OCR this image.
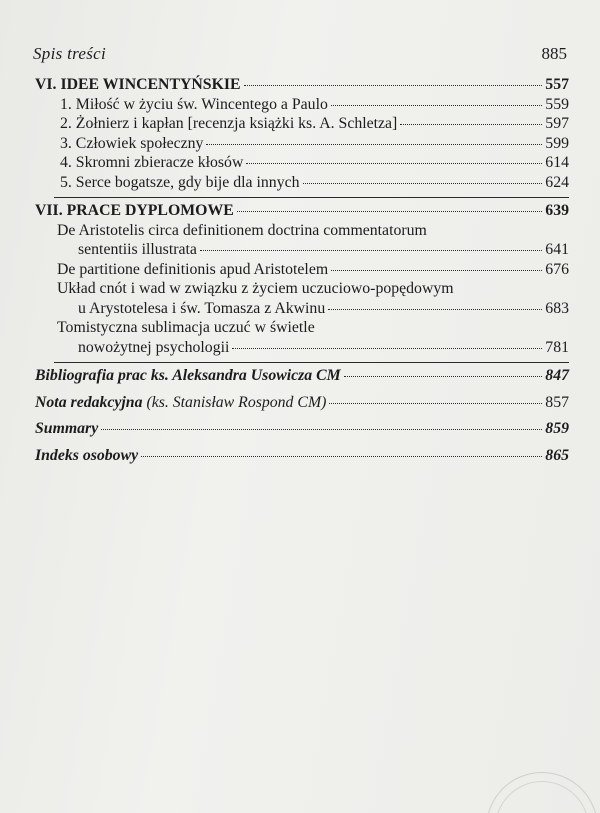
Spis treści	885
VI. IDEE WINCENTYŃSKIE	557
1. Miłość w życiu św. Wincentego a Paulo	559
2. Żołnierz i kapłan [recenzja książki ks. A. Schletza]	597
3. Człowiek społeczny	599
4. Skromni zbieracze kłosów	614
5. Serce bogatsze, gdy bije dla innych	624
VII. PRACE DYPLOMOWE	639
De Aristotelis circa definitionem doctrina commentatorum
sententiis illustrata	641
De partitione definitionis apud Aristotelem	676
Układ cnót i wad w związku z życiem uczuciowo-popędowym
u Arystotelesa i św. Tomasza z Akwinu	683
Tomistyczna sublimacja uczuć w świetle
nowożytnej psychologii	781
Bibliografia prac ks. Aleksandra Usowicza CM	847
Nota redakcyjna (ks. Stanisław Rospond CM)	857
Summary	859
Indeks osobowy	865
